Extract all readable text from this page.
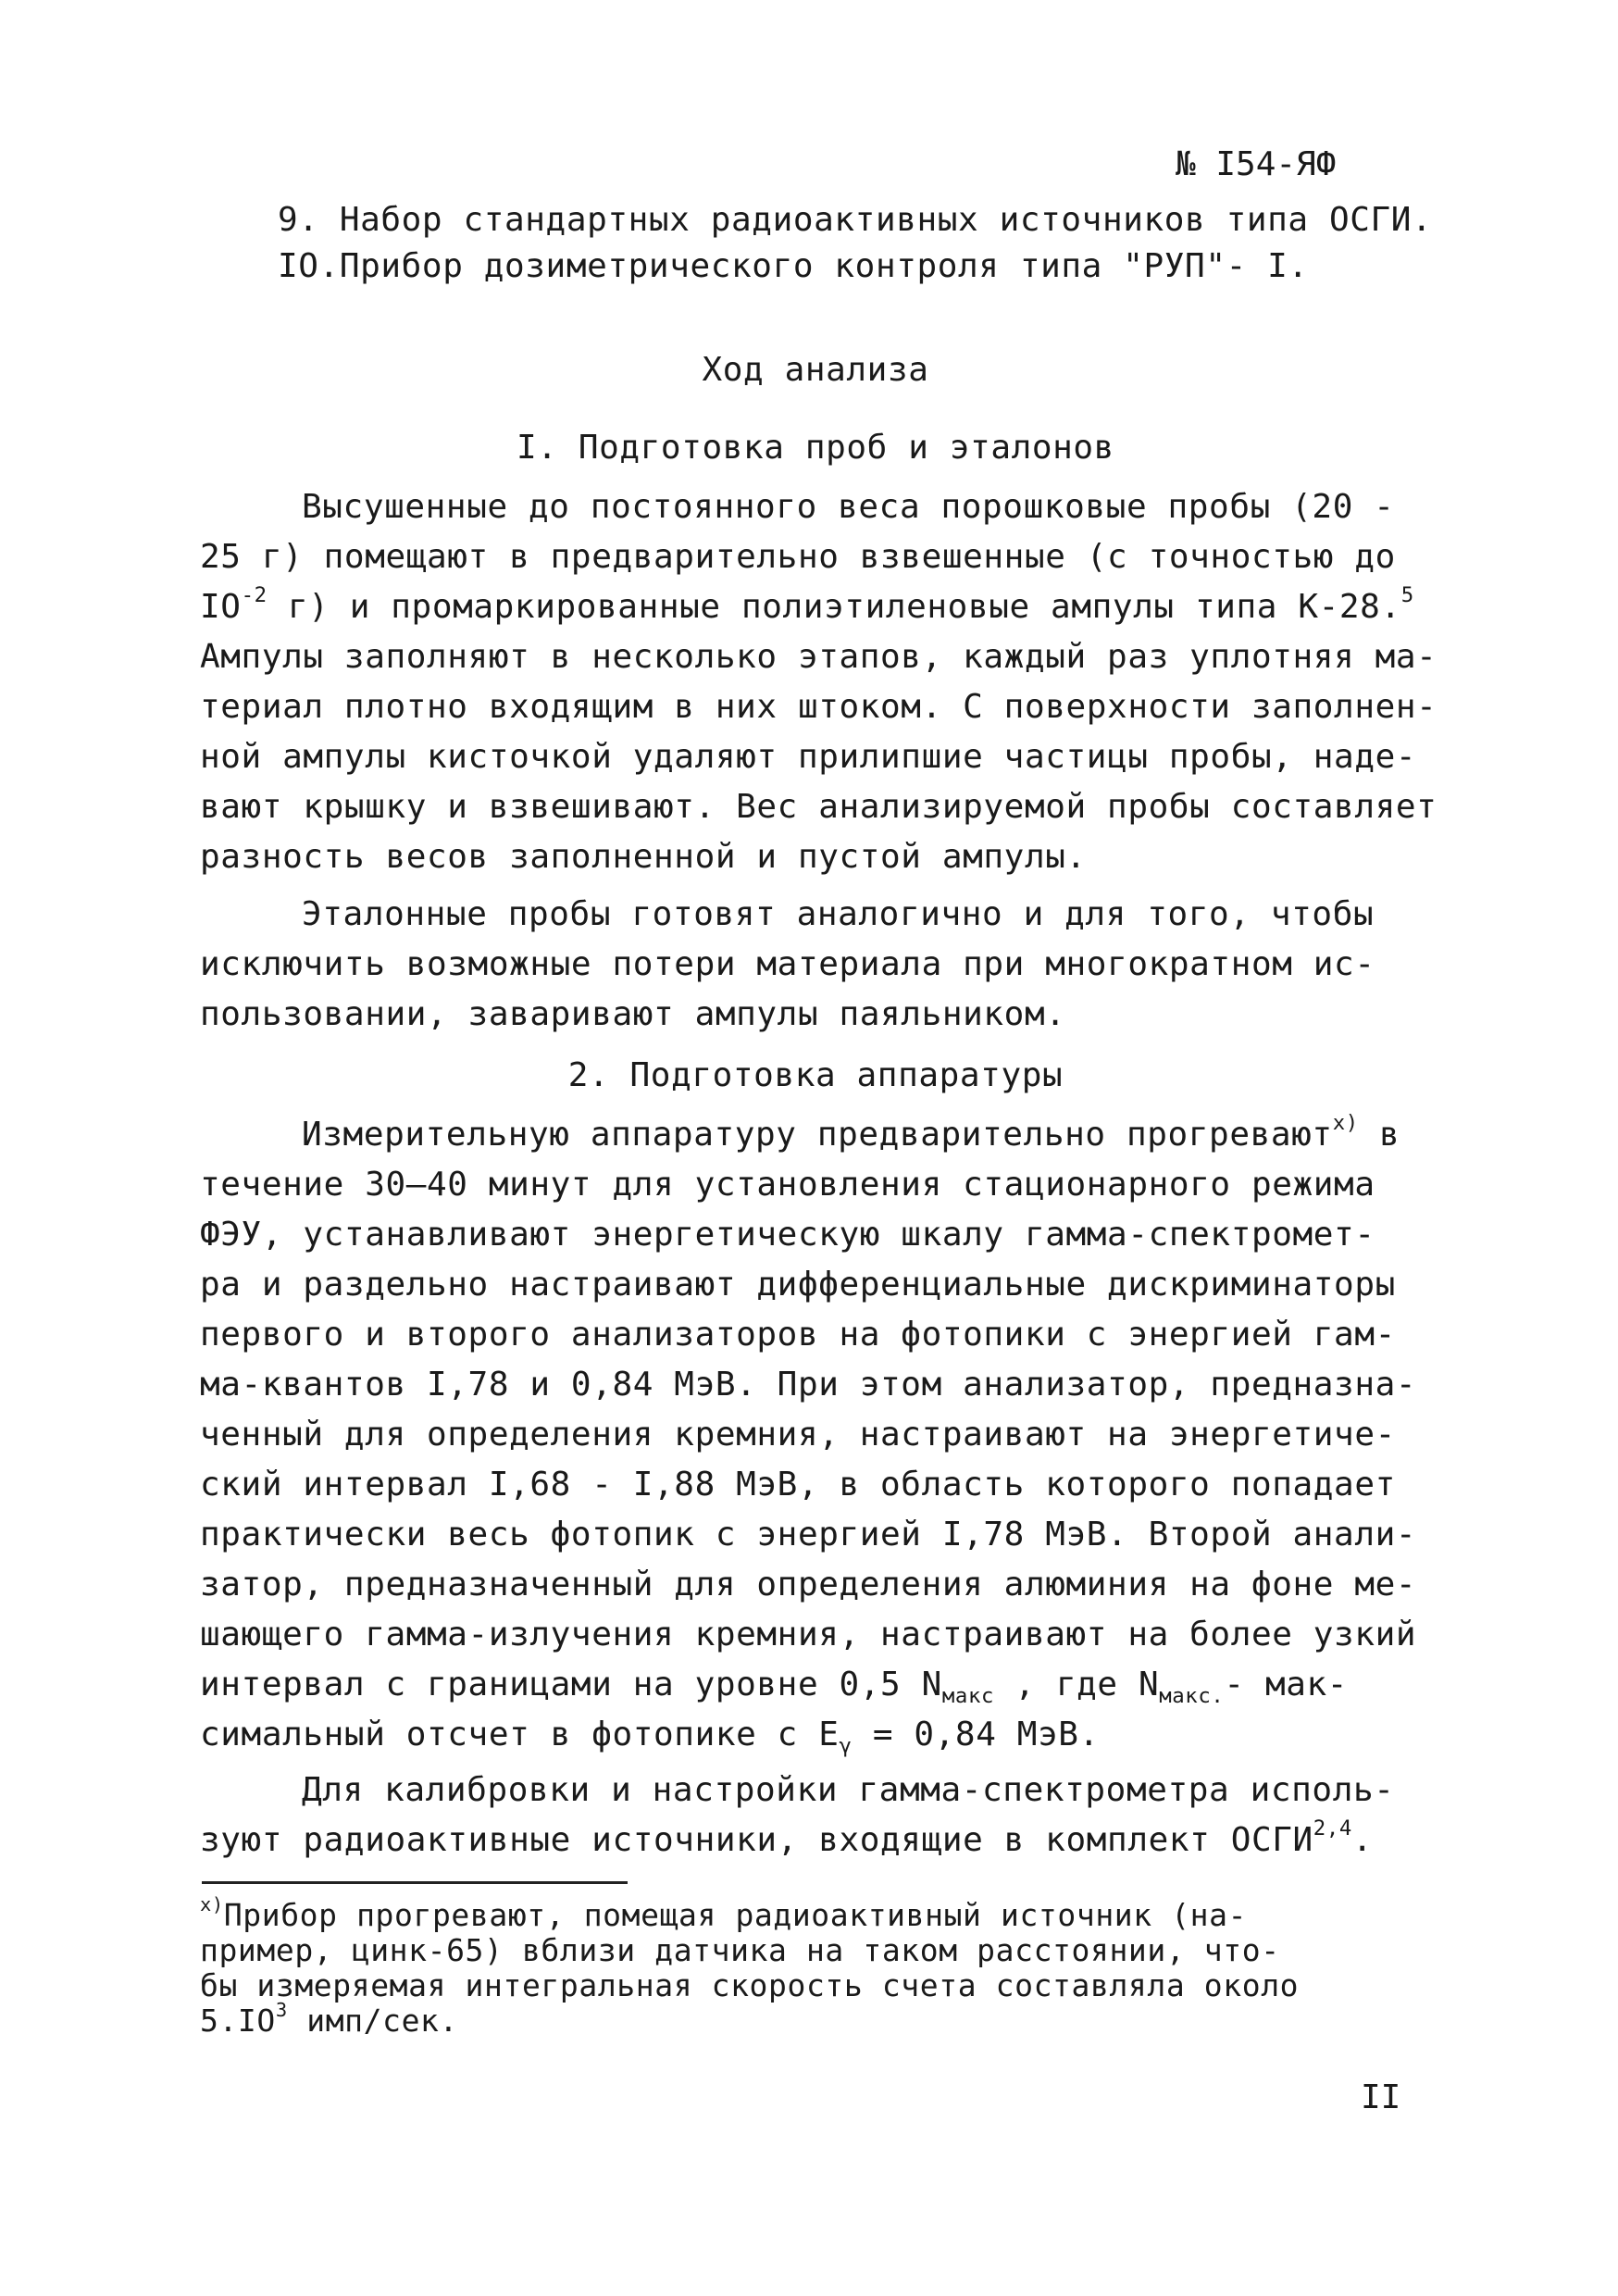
№ I54-ЯФ
9. Набор стандартных радиоактивных источников типа ОСГИ.
IO.Прибор дозиметрического контроля типа "РУП"- I.
Ход анализа
I. Подготовка проб и эталонов
Высушенные до постоянного веса порошковые пробы (20 -
25 г) помещают в предварительно взвешенные (с точностью до
$IO^{-2}$ г) и промаркированные полиэтиленовые ампулы типа К-28.$^5$
Ампулы заполняют в несколько этапов, каждый раз уплотняя ма-
териал плотно входящим в них штоком. С поверхности заполнен-
ной ампулы кисточкой удаляют прилипшие частицы пробы, наде-
вают крышку и взвешивают. Вес анализируемой пробы составляет
разность весов заполненной и пустой ампулы.
Эталонные пробы готовят аналогично и для того, чтобы
исключить возможные потери материала при многократном ис-
пользовании, заваривают ампулы паяльником.
2. Подготовка аппаратуры
Измерительную аппаратуру предварительно прогревают$^{x)}$ в
течение 30—40 минут для установления стационарного режима
ФЭУ, устанавливают энергетическую шкалу гамма-спектромет-
ра и раздельно настраивают дифференциальные дискриминаторы
первого и второго анализаторов на фотопики с энергией гам-
ма-квантов I,78 и 0,84 МэВ. При этом анализатор, предназна-
ченный для определения кремния, настраивают на энергетиче-
ский интервал I,68 - I,88 МэВ, в область которого попадает
практически весь фотопик с энергией I,78 МэВ. Второй анали-
затор, предназначенный для определения алюминия на фоне ме-
шающего гамма-излучения кремния, настраивают на более узкий
интервал с границами на уровне 0,5 $N_{макс}$ , где $N_{макс.}-$ мак-
симальный отсчет в фотопике с $E_\gamma = 0,84$ МэВ.
Для калибровки и настройки гамма-спектрометра исполь-
зуют радиоактивные источники, входящие в комплект ОСГИ$^{2,4}$.
$^{x)}$Прибор прогревают, помещая радиоактивный источник (на-
пример, цинк-65) вблизи датчика на таком расстоянии, что-
бы измеряемая интегральная скорость счета составляла около
$5.IO^3$ имп/сек.
II
